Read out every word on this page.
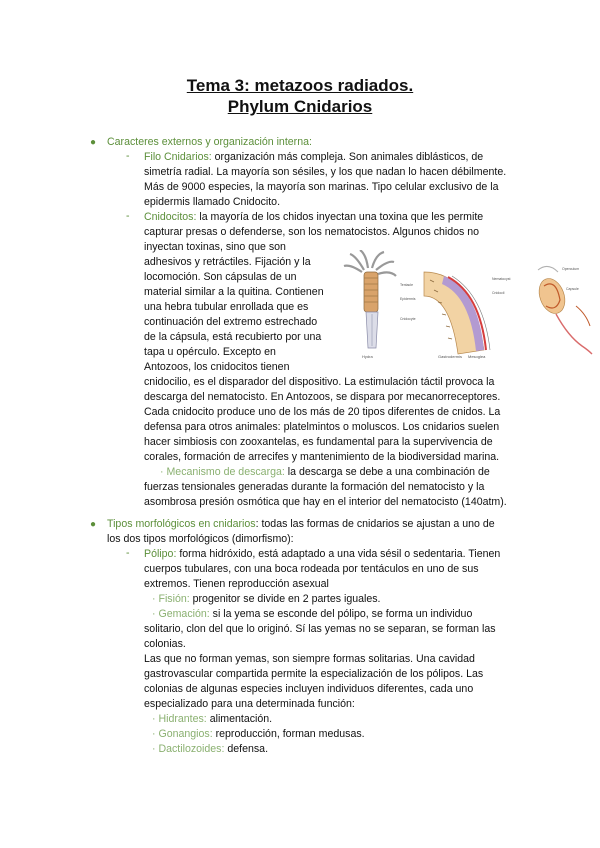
Tema 3: metazoos radiados.
Phylum Cnidarios
● Caracteres externos y organización interna:
- Filo Cnidarios: organización más compleja. Son animales diblásticos, de
simetría radial. La mayoría son sésiles, y los que nadan lo hacen débilmente.
Más de 9000 especies, la mayoría son marinas. Tipo celular exclusivo de la
epidermis llamado Cnidocito.
- Cnidocitos: la mayoría de los chidos inyectan una toxina que les permite
capturar presas o defenderse, son los nematocistos. Algunos chidos no
inyectan toxinas, sino que son
adhesivos y retráctiles. Fijación y la
locomoción. Son cápsulas de un
material similar a la quitina. Contienen
una hebra tubular enrollada que es
continuación del extremo estrechado
de la cápsula, está recubierto por una
tapa u opérculo. Excepto en
Antozoos, los cnidocitos tienen
cnidocilio, es el disparador del dispositivo. La estimulación táctil provoca la
descarga del nematocisto. En Antozoos, se dispara por mecanorreceptores.
Cada cnidocito produce uno de los más de 20 tipos diferentes de cnidos. La
defensa para otros animales: platelmintos o moluscos. Los cnidarios suelen
hacer simbiosis con zooxantelas, es fundamental para la supervivencia de
corales, formación de arrecifes y mantenimiento de la biodiversidad marina.
· Mecanismo de descarga: la descarga se debe a una combinación de
fuerzas tensionales generadas durante la formación del nematocisto y la
asombrosa presión osmótica que hay en el interior del nematocisto (140atm).
Hydra	Gastrodermis Mesoglea
Tentacle
Epidermis
Cnidocyte
Nematocyst
Cnidocil
Operculum
Capsule
● Tipos morfológicos en cnidarios: todas las formas de cnidarios se ajustan a uno de
los dos tipos morfológicos (dimorfismo):
- Pólipo: forma hidróxido, está adaptado a una vida sésil o sedentaria. Tienen
cuerpos tubulares, con una boca rodeada por tentáculos en uno de sus
extremos. Tienen reproducción asexual
· Fisión: progenitor se divide en 2 partes iguales.
· Gemación: si la yema se esconde del pólipo, se forma un individuo
solitario, clon del que lo originó. Sí las yemas no se separan, se forman las
colonias.
Las que no forman yemas, son siempre formas solitarias. Una cavidad
gastrovascular compartida permite la especialización de los pólipos. Las
colonias de algunas especies incluyen individuos diferentes, cada uno
especializado para una determinada función:
· Hidrantes: alimentación.
· Gonangios: reproducción, forman medusas.
· Dactilozoides: defensa.
